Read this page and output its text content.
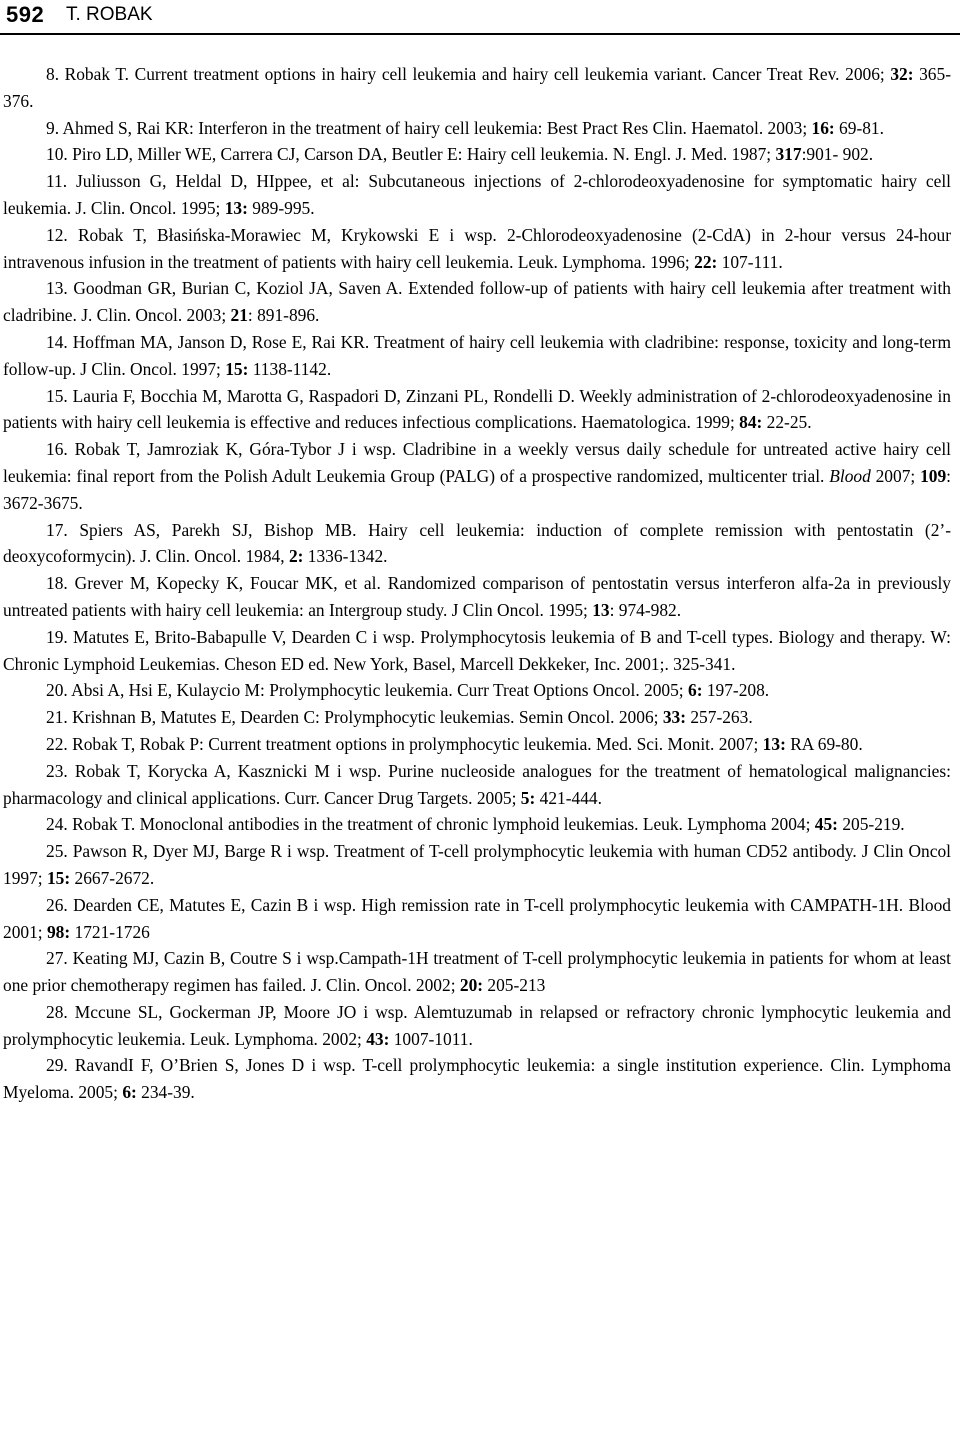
592 T. ROBAK

8. Robak T. Current treatment options in hairy cell leukemia and hairy cell leukemia variant. Cancer Treat Rev. 2006; 32: 365-376.

9. Ahmed S, Rai KR: Interferon in the treatment of hairy cell leukemia: Best Pract Res Clin. Haematol. 2003; 16: 69-81.

10. Piro LD, Miller WE, Carrera CJ, Carson DA, Beutler E: Hairy cell leukemia. N. Engl. J. Med. 1987; 317:901- 902.

11. Juliusson G, Heldal D, HIppee, et al: Subcutaneous injections of 2-chlorodeoxyadenosine for symptomatic hairy cell leukemia. J. Clin. Oncol. 1995; 13: 989-995.

12. Robak T, Błasińska-Morawiec M, Krykowski E i wsp. 2-Chlorodeoxyadenosine (2-CdA) in 2-hour versus 24-hour intravenous infusion in the treatment of patients with hairy cell leukemia. Leuk. Lymphoma. 1996; 22: 107-111.

13. Goodman GR, Burian C, Koziol JA, Saven A. Extended follow-up of patients with hairy cell leukemia after treatment with cladribine. J. Clin. Oncol. 2003; 21: 891-896.

14. Hoffman MA, Janson D, Rose E, Rai KR. Treatment of hairy cell leukemia with cladribine: response, toxicity and long-term follow-up. J Clin. Oncol. 1997; 15: 1138-1142.

15. Lauria F, Bocchia M, Marotta G, Raspadori D, Zinzani PL, Rondelli D. Weekly administration of 2-chlorodeoxyadenosine in patients with hairy cell leukemia is effective and reduces infectious complications. Haematologica. 1999; 84: 22-25.

16. Robak T, Jamroziak K, Góra-Tybor J i wsp. Cladribine in a weekly versus daily schedule for untreated active hairy cell leukemia: final report from the Polish Adult Leukemia Group (PALG) of a prospective randomized, multicenter trial. Blood 2007; 109: 3672-3675.

17. Spiers AS, Parekh SJ, Bishop MB. Hairy cell leukemia: induction of complete remission with pentostatin (2’-deoxycoformycin). J. Clin. Oncol. 1984, 2: 1336-1342.

18. Grever M, Kopecky K, Foucar MK, et al. Randomized comparison of pentostatin versus interferon alfa-2a in previously untreated patients with hairy cell leukemia: an Intergroup study. J Clin Oncol. 1995; 13: 974-982.

19. Matutes E, Brito-Babapulle V, Dearden C i wsp. Prolymphocytosis leukemia of B and T-cell types. Biology and therapy. W: Chronic Lymphoid Leukemias. Cheson ED ed. New York, Basel, Marcell Dekkeker, Inc. 2001;. 325-341.

20. Absi A, Hsi E, Kulaycio M: Prolymphocytic leukemia. Curr Treat Options Oncol. 2005; 6: 197-208.

21. Krishnan B, Matutes E, Dearden C: Prolymphocytic leukemias. Semin Oncol. 2006; 33: 257-263.

22. Robak T, Robak P: Current treatment options in prolymphocytic leukemia. Med. Sci. Monit. 2007; 13: RA 69-80.

23. Robak T, Korycka A, Kasznicki M i wsp. Purine nucleoside analogues for the treatment of hematological malignancies: pharmacology and clinical applications. Curr. Cancer Drug Targets. 2005; 5: 421-444.

24. Robak T. Monoclonal antibodies in the treatment of chronic lymphoid leukemias. Leuk. Lymphoma 2004; 45: 205-219.

25. Pawson R, Dyer MJ, Barge R i wsp. Treatment of T-cell prolymphocytic leukemia with human CD52 antibody. J Clin Oncol 1997; 15: 2667-2672.

26. Dearden CE, Matutes E, Cazin B i wsp. High remission rate in T-cell prolymphocytic leukemia with CAMPATH-1H. Blood 2001; 98: 1721-1726

27. Keating MJ, Cazin B, Coutre S i wsp.Campath-1H treatment of T-cell prolymphocytic leukemia in patients for whom at least one prior chemotherapy regimen has failed. J. Clin. Oncol. 2002; 20: 205-213

28. Mccune SL, Gockerman JP, Moore JO i wsp. Alemtuzumab in relapsed or refractory chronic lymphocytic leukemia and prolymphocytic leukemia. Leuk. Lymphoma. 2002; 43: 1007-1011.

29. RavandI F, O’Brien S, Jones D i wsp. T-cell prolymphocytic leukemia: a single institution experience. Clin. Lymphoma Myeloma. 2005; 6: 234-39.
